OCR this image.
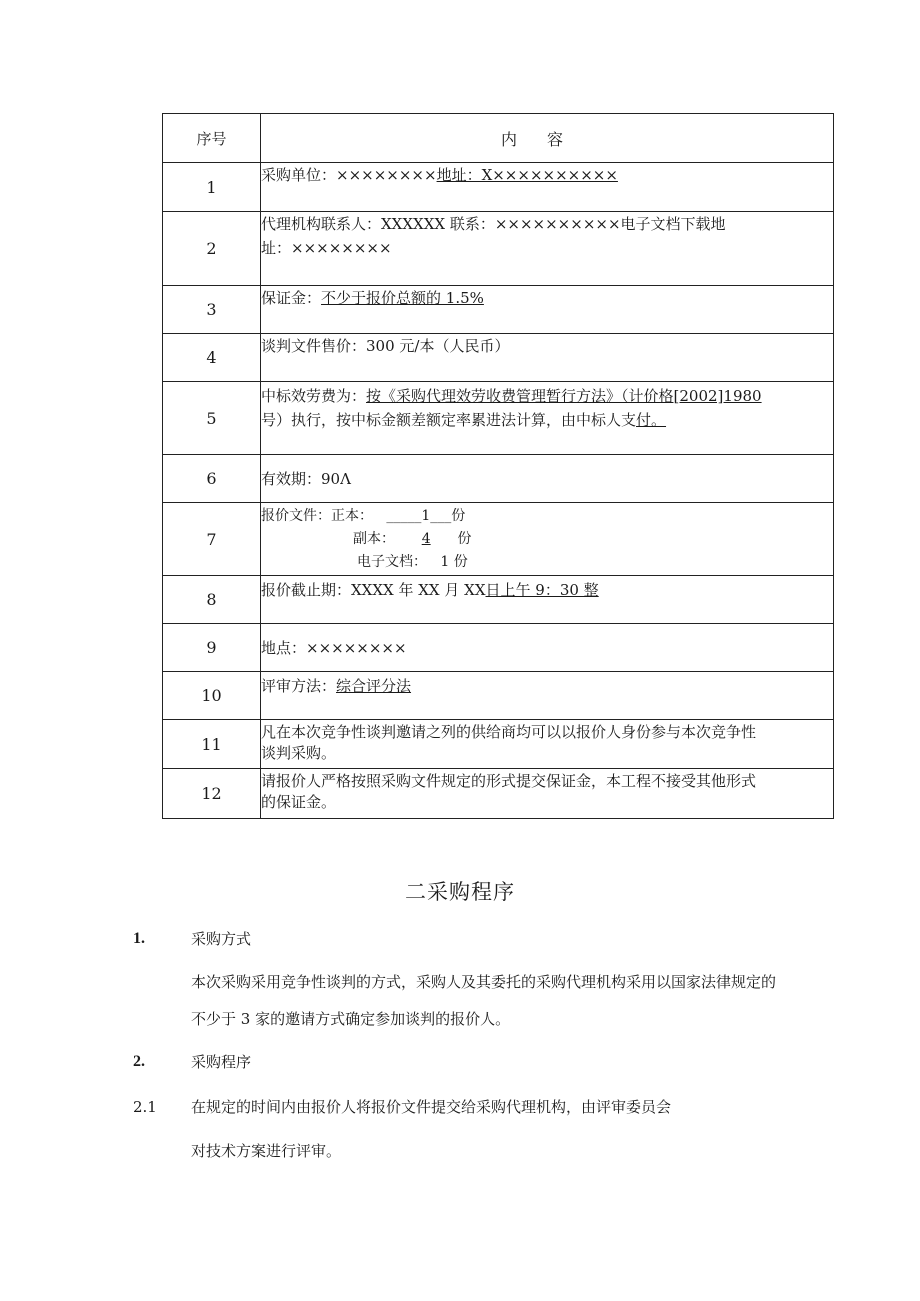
序号	内容
1	采购单位：××××××××地址：X××××××××××
2	代理机构联系人：XXXXXX 联系：××××××××××电子文档下载地
址：××××××××
3	保证金：不少于报价总额的 1.5%
4	谈判文件售价：300 元/本（人民币）
5	中标效劳费为：按《采购代理效劳收费管理暂行方法》（计价格[2002]1980
号）执行，按中标金额差额定率累进法计算，由中标人支付。
6	有效期：90Λ
7	报价文件：正本： _____1___份
副本： 4 份
电子文档： 1 份

8	报价截止期：XXXX 年 XX 月 XX日上午 9：30 整
9	地点：××××××××
10	评审方法：综合评分法
11	凡在本次竞争性谈判邀请之列的供给商均可以以报价人身份参与本次竞争性
谈判采购。
12	请报价人严格按照采购文件规定的形式提交保证金，本工程不接受其他形式
的保证金。
二采购程序
1.	采购方式
本次采购采用竞争性谈判的方式，采购人及其委托的采购代理机构采用以国家法律规定的
不少于 3 家的邀请方式确定参加谈判的报价人。
2.	采购程序
2.1 在规定的时间内由报价人将报价文件提交给采购代理机构，由评审委员会
对技术方案进行评审。
